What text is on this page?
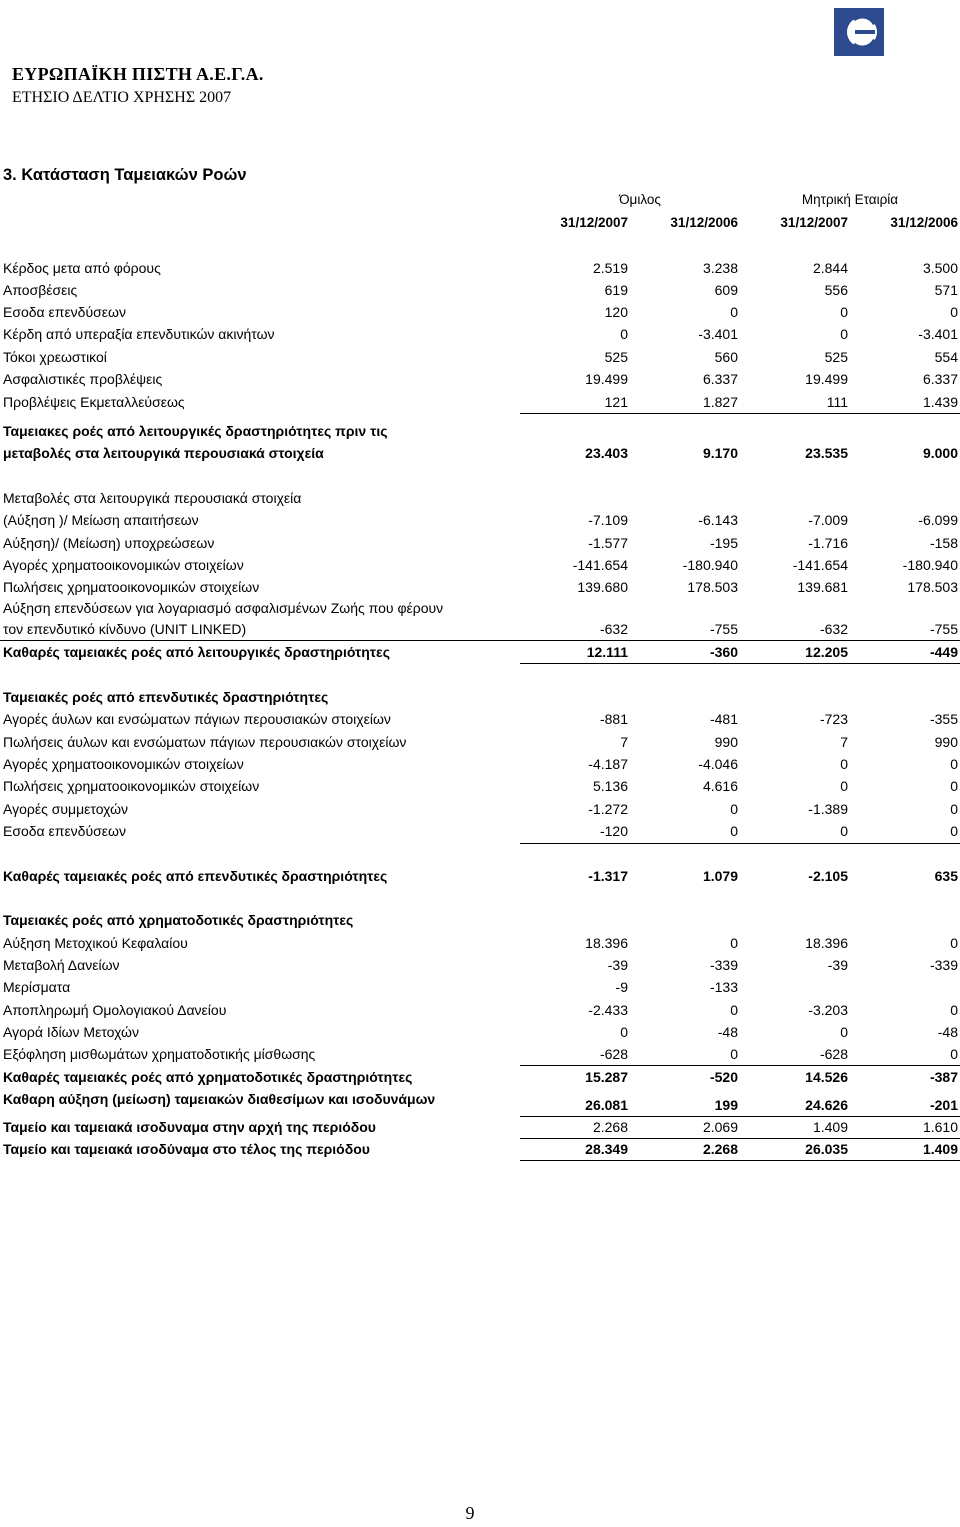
ΕΥΡΩΠΑΪΚΗ ΠΙΣΤΗ Α.Ε.Γ.Α.
ΕΤΗΣΙΟ ΔΕΛΤΙΟ ΧΡΗΣΗΣ 2007
3. Κατάσταση Ταμειακών Ροών
Όμιλος	Μητρική Εταιρία
31/12/2007	31/12/2006	31/12/2007	31/12/2006
Κέρδος μετα από φόρους	2.519	3.238	2.844	3.500
Αποσβέσεις	619	609	556	571
Εσοδα επενδύσεων	120	0	0	0
Κέρδη από υπεραξία επενδυτικών ακινήτων	0	-3.401	0	-3.401
Τόκοι χρεωστικοί	525	560	525	554
Ασφαλιστικές προβλέψεις	19.499	6.337	19.499	6.337
Προβλέψεις Εκμεταλλεύσεως	121	1.827	111	1.439
Ταμειακες ροές από λειτουργικές δραστηριότητες πριν τις
μεταβολές στα λειτουργικά περουσιακά στοιχεία	23.403	9.170	23.535	9.000
Μεταβολές στα λειτουργικά περουσιακά στοιχεία
(Αύξηση )/ Μείωση απαιτήσεων	-7.109	-6.143	-7.009	-6.099
Αύξηση)/ (Μείωση) υποχρεώσεων	-1.577	-195	-1.716	-158
Αγορές χρηματοοικονομικών στοιχείων	-141.654	-180.940	-141.654	-180.940
Πωλήσεις χρηματοοικονομικών στοιχείων	139.680	178.503	139.681	178.503
Αύξηση επενδύσεων για λογαριασμό ασφαλισμένων Ζωής που φέρουν
τον επενδυτικό κίνδυνο (UNIT LINKED)	-632	-755	-632	-755
Καθαρές ταμειακές ροές από λειτουργικές δραστηριότητες	12.111	-360	12.205	-449
Ταμειακές ροές από επενδυτικές δραστηριότητες
Αγορές άυλων και ενσώματων πάγιων περουσιακών στοιχείων	-881	-481	-723	-355
Πωλήσεις άυλων και ενσώματων πάγιων περουσιακών στοιχείων	7	990	7	990
Αγορές χρηματοοικονομικών στοιχείων	-4.187	-4.046	0	0
Πωλήσεις χρηματοοικονομικών στοιχείων	5.136	4.616	0	0
Αγορές συμμετοχών	-1.272	0	-1.389	0
Εσοδα επενδύσεων	-120	0	0	0
Καθαρές ταμειακές ροές από επενδυτικές δραστηριότητες	-1.317	1.079	-2.105	635
Ταμειακές ροές από χρηματοδοτικές δραστηριότητες
Αύξηση Μετοχικού Κεφαλαίου	18.396	0	18.396	0
Μεταβολή Δανείων	-39	-339	-39	-339
Μερίσματα	-9	-133
Αποπληρωμή Ομολογιακού Δανείου	-2.433	0	-3.203	0
Αγορά Ιδίων Μετοχών	0	-48	0	-48
Εξόφληση μισθωμάτων χρηματοδοτικής μίσθωσης	-628	0	-628	0
Καθαρές ταμειακές ροές από χρηματοδοτικές δραστηριότητες	15.287	-520	14.526	-387
Καθαρη αύξηση (μείωση) ταμειακών διαθεσίμων και ισοδυνάμων	26.081	199	24.626	-201
Ταμείο και ταμειακά ισοδυναμα στην αρχή της περιόδου	2.268	2.069	1.409	1.610
Ταμείο και ταμειακά ισοδύναμα στο τέλος της περιόδου	28.349	2.268	26.035	1.409
9
